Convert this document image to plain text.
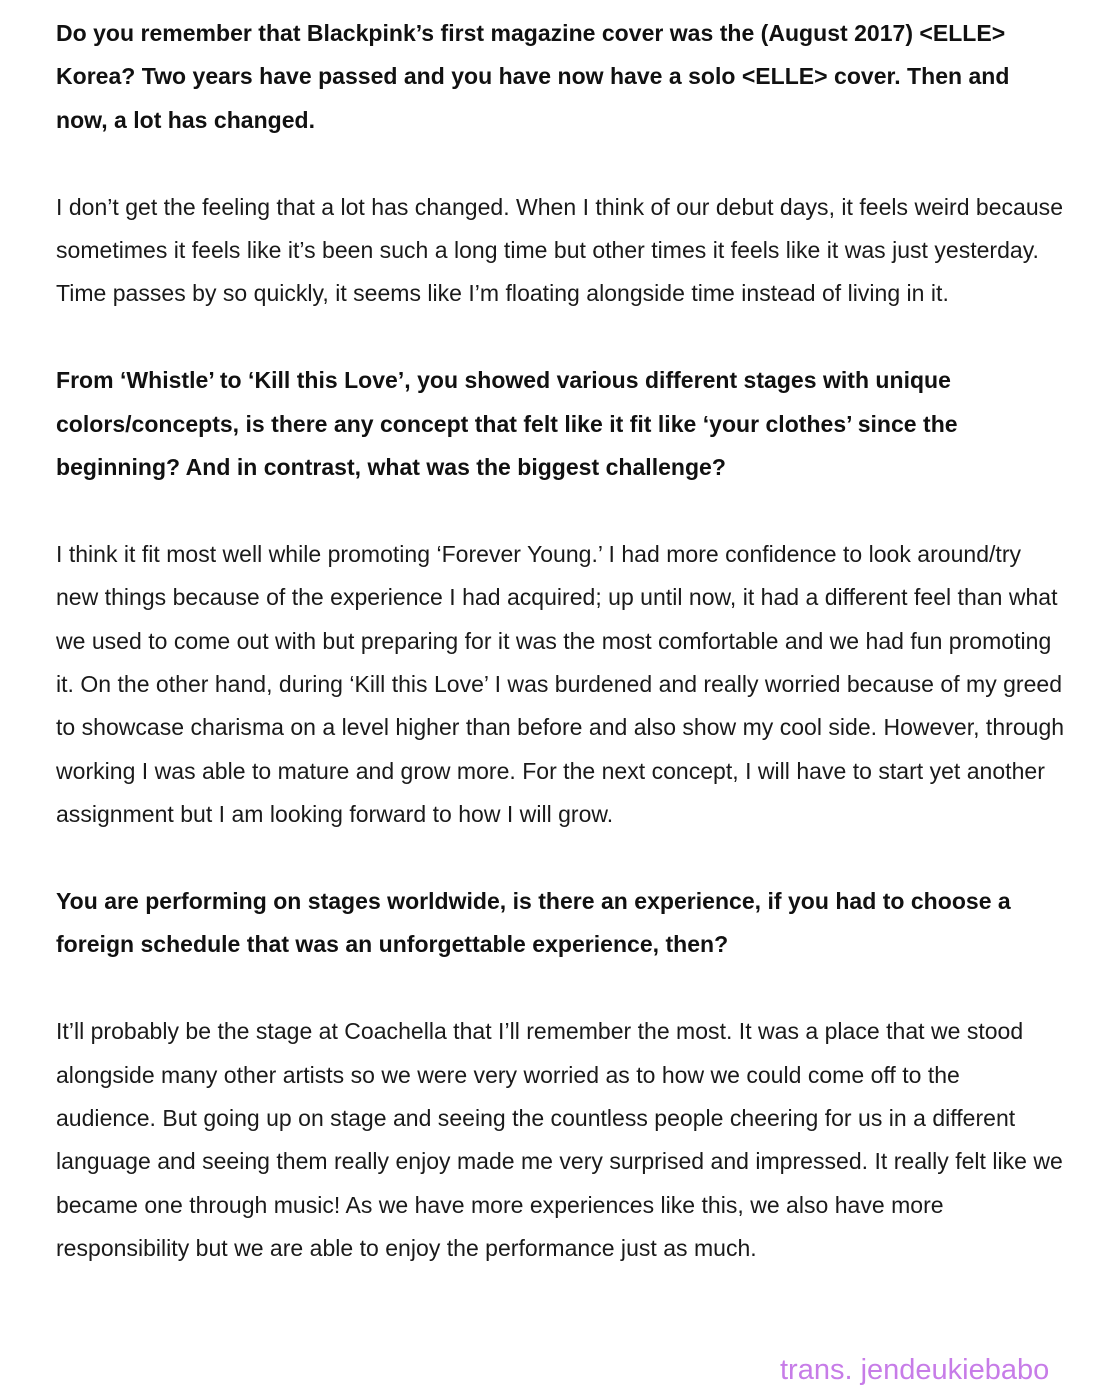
Do you remember that Blackpink’s first magazine cover was the (August 2017) <ELLE> Korea? Two years have passed and you have now have a solo <ELLE> cover. Then and now, a lot has changed.

I don’t get the feeling that a lot has changed. When I think of our debut days, it feels weird because sometimes it feels like it’s been such a long time but other times it feels like it was just yesterday. Time passes by so quickly, it seems like I’m floating alongside time instead of living in it.

From ‘Whistle’ to ‘Kill this Love’, you showed various different stages with unique colors/concepts, is there any concept that felt like it fit like ‘your clothes’ since the beginning? And in contrast, what was the biggest challenge?

I think it fit most well while promoting ‘Forever Young.’ I had more confidence to look around/try new things because of the experience I had acquired; up until now, it had a different feel than what we used to come out with but preparing for it was the most comfortable and we had fun promoting it. On the other hand, during ‘Kill this Love’ I was burdened and really worried because of my greed to showcase charisma on a level higher than before and also show my cool side. However, through working I was able to mature and grow more. For the next concept, I will have to start yet another assignment but I am looking forward to how I will grow.

You are performing on stages worldwide, is there an experience, if you had to choose a foreign schedule that was an unforgettable experience, then?

It’ll probably be the stage at Coachella that I’ll remember the most. It was a place that we stood alongside many other artists so we were very worried as to how we could come off to the audience. But going up on stage and seeing the countless people cheering for us in a different language and seeing them really enjoy made me very surprised and impressed. It really felt like we became one through music! As we have more experiences like this, we also have more responsibility but we are able to enjoy the performance just as much.

trans. jendeukiebabo
